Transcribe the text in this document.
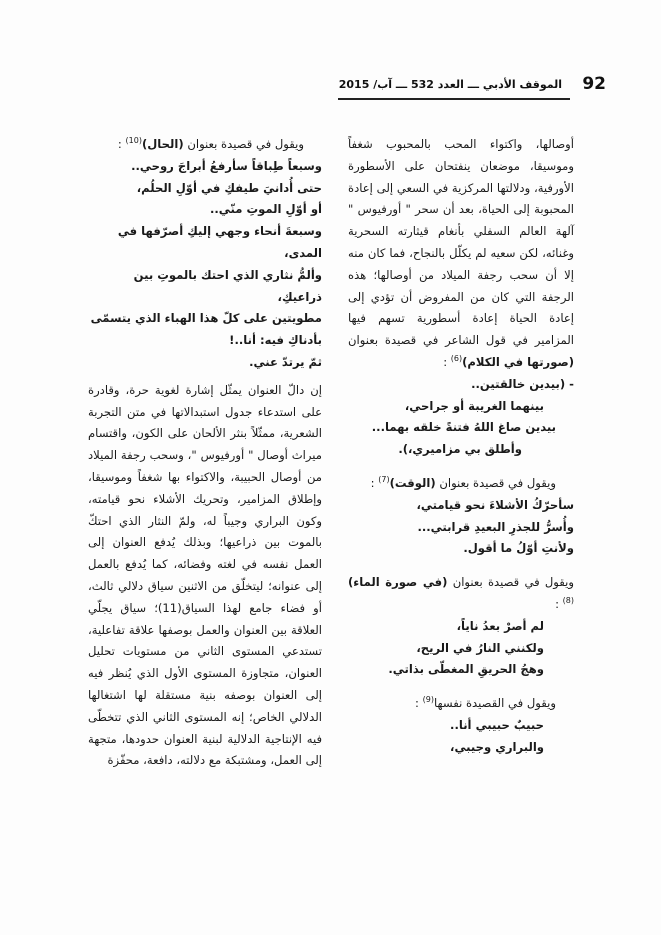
92
الموقف الأدبي ـــ العدد 532 ـــ آب/ 2015
أوصالها، واكتواء المحب بالمحبوب شغفاً وموسيقا، موضعان ينفتحان على الأسطورة الأورفية، ودلالتها المركزية في السعي إلى إعادة المحبوبة إلى الحياة، بعد أن سحر " أورفيوس " آلهة العالم السفلي بأنغام قيثارته السحرية وغنائه، لكن سعيه لم يكلّل بالنجاح، فما كان منه إلا أن سحب رجفة الميلاد من أوصالها؛ هذه الرجفة التي كان من المفروض أن تؤدي إلى إعادة الحياة إعادة أسطورية تسهم فيها المزامير في قول الشاعر في قصيدة بعنوان (صورتها في الكلام)$^{(6)}$ :
- (بيدين خالقتين..
بينهما الغريبة أو جراحي،
بيدين صاغ اللهُ فتنةً خلقه بهما...
وأطلق بي مزاميري،).
ويقول في قصيدة بعنوان (الوقت)$^{(7)}$ :
سأحرّكُ الأشلاءَ نحو قيامتي،
وأُسرُّ للجذرِ البعيدِ قرابتي...
ولأنتِ أوّلُ ما أقول.
ويقول في قصيدة بعنوان (في صورة الماء)$^{(8)}$ :
لم أصرْ بعدُ ناياً،
ولكنني النارُ في الريح،
وهجُ الحريقِ المغطّى بذاتي.
ويقول في القصيدة نفسها$^{(9)}$ :
حبيبٌ حبيبي أنا..
والبراري وجيبي،
ويقول في قصيدة بعنوان (الحال)$^{(10)}$ :
وسبعاً طِباقاً سأرفعُ أبراجَ روحي..
حتى أُدانيَ طيفكِ في أوّلِ الحلُم،
أو أوّلِ الموتِ منّي..
وسبعةَ أنحاء وجهي إليكِ أصرّفها في المدى،
وألمُّ نثاري الذي احتك بالموتِ بين ذراعيكِ،
مطويتين على كلّ هذا الهباء الذي يتسمّى
بأدناكِ فيه: أنا..!
ثمّ يرتدّ عني.
إن دالّ العنوان يمثّل إشارة لغوية حرة، وقادرة على استدعاء جدول استبدالاتها في متن التجربة الشعرية، ممثّلاً بنثر الألحان على الكون، واقتسام ميراث أوصال " أورفيوس "، وسحب رجفة الميلاد من أوصال الحبيبة، والاكتواء بها شغفاً وموسيقا، وإطلاق المزامير، وتحريك الأشلاء نحو قيامته، وكون البراري وجيباً له، ولمّ النثار الذي احتكّ بالموت بين ذراعيها؛ وبذلك يُدفع العنوان إلى العمل نفسه في لغته وفضائه، كما يُدفع بالعمل إلى عنوانه؛ ليتخلّق من الاثنين سياق دلالي ثالث، أو فضاء جامع لهذا السياق(11)؛ سياق يجلّي العلاقة بين العنوان والعمل بوصفها علاقة تفاعلية، تستدعي المستوى الثاني من مستويات تحليل العنوان، متجاوزة المستوى الأول الذي يُنظر فيه إلى العنوان بوصفه بنية مستقلة لها اشتغالها الدلالي الخاص؛ إنه المستوى الثاني الذي تتخطّى فيه الإنتاجية الدلالية لبنية العنوان حدودها، متجهة إلى العمل، ومشتبكة مع دلالته، دافعة، محفّزة
